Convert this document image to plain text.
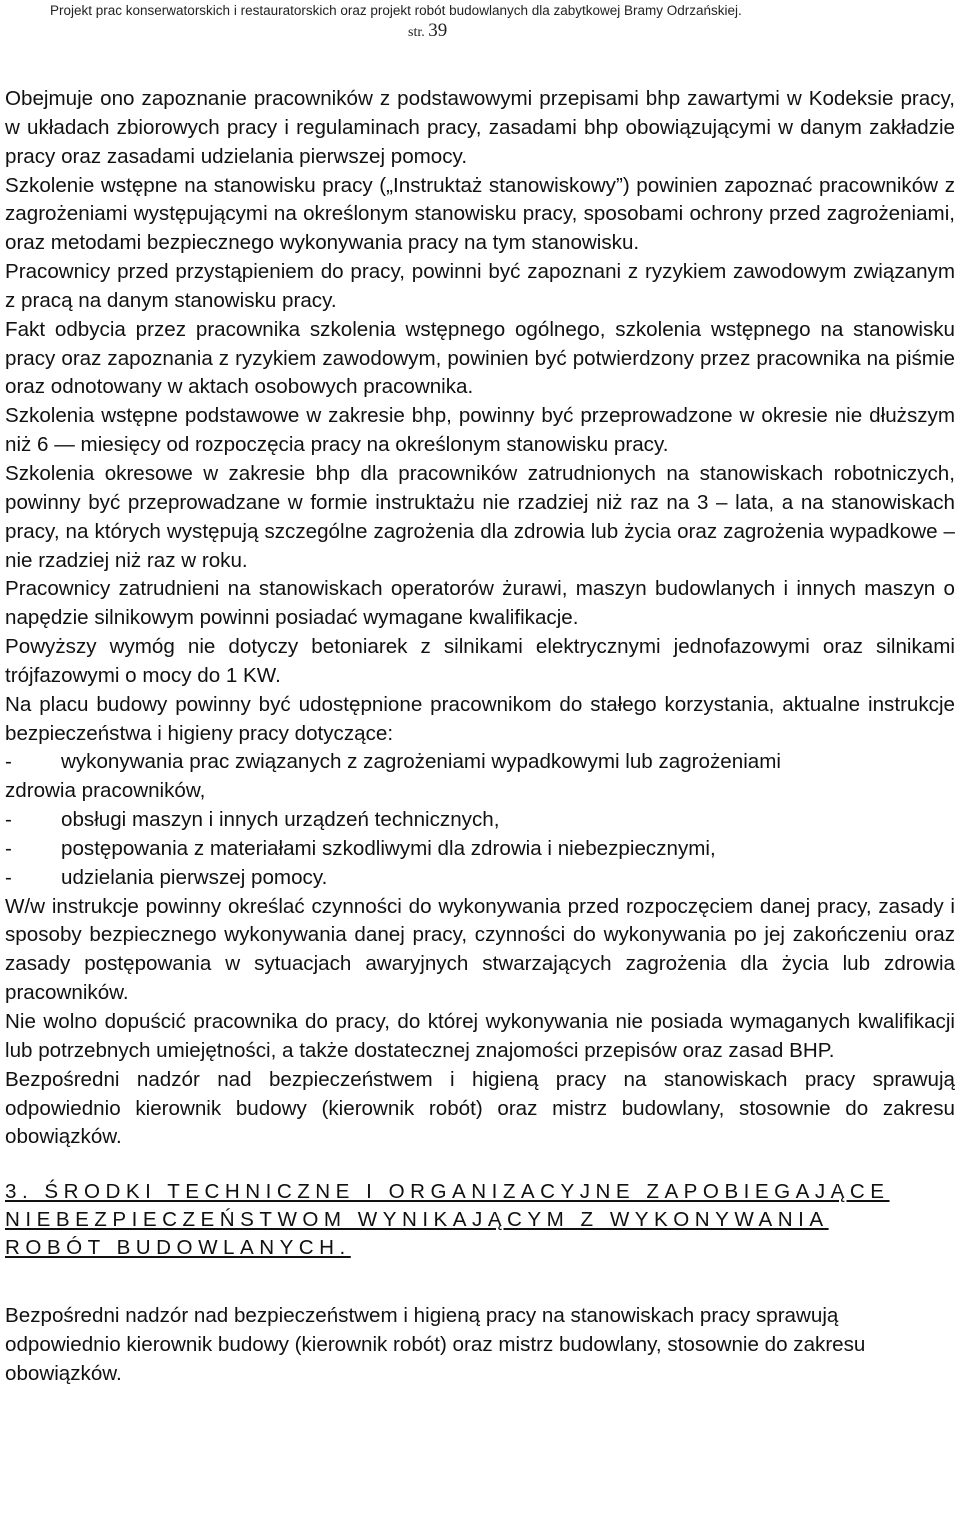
Projekt prac konserwatorskich i restauratorskich oraz projekt robót budowlanych dla zabytkowej Bramy Odrzańskiej.
str. 39

Obejmuje ono zapoznanie pracowników z podstawowymi przepisami bhp zawartymi w Kodeksie pracy, w układach zbiorowych pracy i regulaminach pracy, zasadami bhp obowiązującymi w danym zakładzie pracy oraz zasadami udzielania pierwszej pomocy.

Szkolenie wstępne na stanowisku pracy („Instruktaż stanowiskowy”) powinien zapoznać pracowników z zagrożeniami występującymi na określonym stanowisku pracy, sposobami ochrony przed zagrożeniami, oraz metodami bezpiecznego wykonywania pracy na tym stanowisku.

Pracownicy przed przystąpieniem do pracy, powinni być zapoznani z ryzykiem zawodowym związanym z pracą na danym stanowisku pracy.

Fakt odbycia przez pracownika szkolenia wstępnego ogólnego, szkolenia wstępnego na stanowisku pracy oraz zapoznania z ryzykiem zawodowym, powinien być potwierdzony przez pracownika na piśmie oraz odnotowany w aktach osobowych pracownika.

Szkolenia wstępne podstawowe w zakresie bhp, powinny być przeprowadzone w okresie nie dłuższym niż 6 — miesięcy od rozpoczęcia pracy na określonym stanowisku pracy.

Szkolenia okresowe w zakresie bhp dla pracowników zatrudnionych na stanowiskach robotniczych, powinny być przeprowadzane w formie instruktażu nie rzadziej niż raz na 3 – lata, a na stanowiskach pracy, na których występują szczególne zagrożenia dla zdrowia lub życia oraz zagrożenia wypadkowe – nie rzadziej niż raz w roku.

Pracownicy zatrudnieni na stanowiskach operatorów żurawi, maszyn budowlanych i innych maszyn o napędzie silnikowym powinni posiadać wymagane kwalifikacje.

Powyższy wymóg nie dotyczy betoniarek z silnikami elektrycznymi jednofazowymi oraz silnikami trójfazowymi o mocy do 1 KW.

Na placu budowy powinny być udostępnione pracownikom do stałego korzystania, aktualne instrukcje bezpieczeństwa i higieny pracy dotyczące:

-	wykonywania prac związanych z zagrożeniami wypadkowymi lub zagrożeniami

zdrowia pracowników,

-	obsługi maszyn i innych urządzeń technicznych,
-	postępowania z materiałami szkodliwymi dla zdrowia i niebezpiecznymi,
-	udzielania pierwszej pomocy.

W/w instrukcje powinny określać czynności do wykonywania przed rozpoczęciem danej pracy, zasady i sposoby bezpiecznego wykonywania danej pracy, czynności do wykonywania po jej zakończeniu oraz zasady postępowania w sytuacjach awaryjnych stwarzających zagrożenia dla życia lub zdrowia pracowników.

Nie wolno dopuścić pracownika do pracy, do której wykonywania nie posiada wymaganych kwalifikacji lub potrzebnych umiejętności, a także dostatecznej znajomości przepisów oraz zasad BHP.

Bezpośredni nadzór nad bezpieczeństwem i higieną pracy na stanowiskach pracy sprawują odpowiednio kierownik budowy (kierownik robót) oraz mistrz budowlany, stosownie do zakresu obowiązków.

3. ŚRODKI TECHNICZNE I ORGANIZACYJNE ZAPOBIEGAJĄCE
NIEBEZPIECZEŃSTWOM WYNIKAJĄCYM Z WYKONYWANIA
ROBÓT BUDOWLANYCH.

Bezpośredni nadzór nad bezpieczeństwem i higieną pracy na stanowiskach pracy sprawują odpowiednio kierownik budowy (kierownik robót) oraz mistrz budowlany, stosownie do zakresu obowiązków.
